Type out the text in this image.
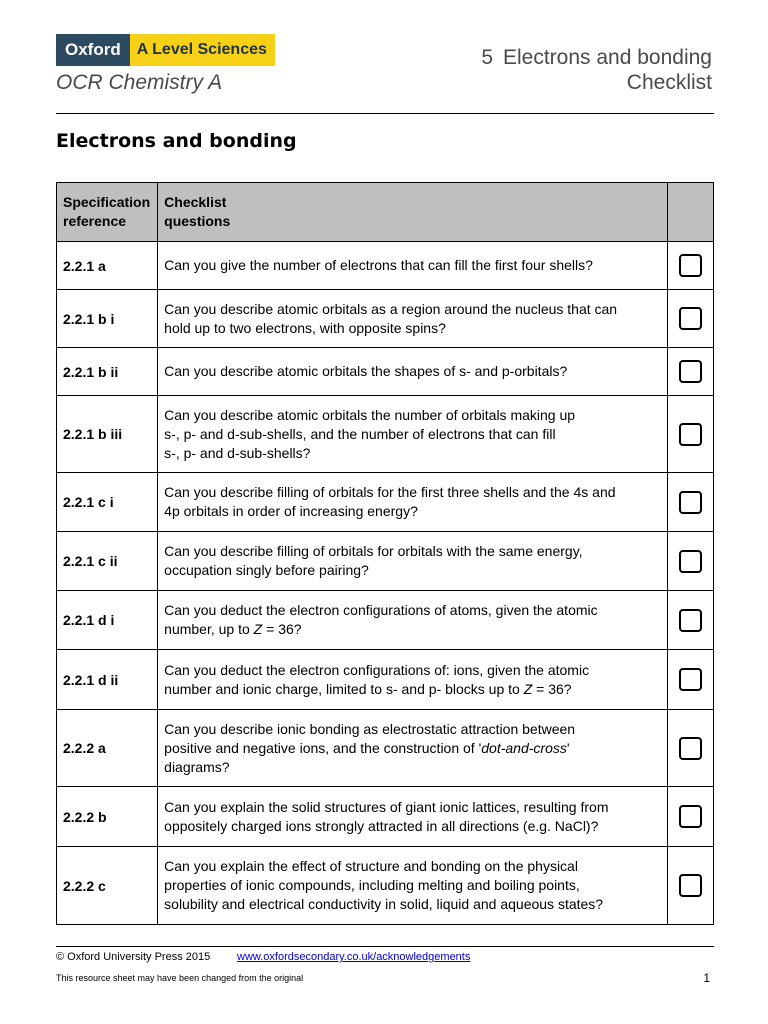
Oxford	A Level Sciences
OCR Chemistry A
5 Electrons and bonding
Checklist
Electrons and bonding
Specification
reference	Checklist
questions	
2.2.1 a	Can you give the number of electrons that can fill the first four shells?	

2.2.1 b i	Can you describe atomic orbitals as a region around the nucleus that can
hold up to two electrons, with opposite spins?	

2.2.1 b ii	Can you describe atomic orbitals the shapes of s- and p-orbitals?	

2.2.1 b iii	Can you describe atomic orbitals the number of orbitals making up
s-, p- and d-sub-shells, and the number of electrons that can fill
s-, p- and d-sub-shells?	

2.2.1 c i	Can you describe filling of orbitals for the first three shells and the 4s and
4p orbitals in order of increasing energy?	

2.2.1 c ii	Can you describe filling of orbitals for orbitals with the same energy,
occupation singly before pairing?	

2.2.1 d i	Can you deduct the electron configurations of atoms, given the atomic
number, up to Z = 36?	

2.2.1 d ii	Can you deduct the electron configurations of: ions, given the atomic
number and ionic charge, limited to s- and p- blocks up to Z = 36?	

2.2.2 a	Can you describe ionic bonding as electrostatic attraction between
positive and negative ions, and the construction of 'dot-and-cross'
diagrams?	

2.2.2 b	Can you explain the solid structures of giant ionic lattices, resulting from
oppositely charged ions strongly attracted in all directions (e.g. NaCl)?	

2.2.2 c	Can you explain the effect of structure and bonding on the physical
properties of ionic compounds, including melting and boiling points,
solubility and electrical conductivity in solid, liquid and aqueous states?	
© Oxford University Press 2015 www.oxfordsecondary.co.uk/acknowledgements
This resource sheet may have been changed from the original	1
